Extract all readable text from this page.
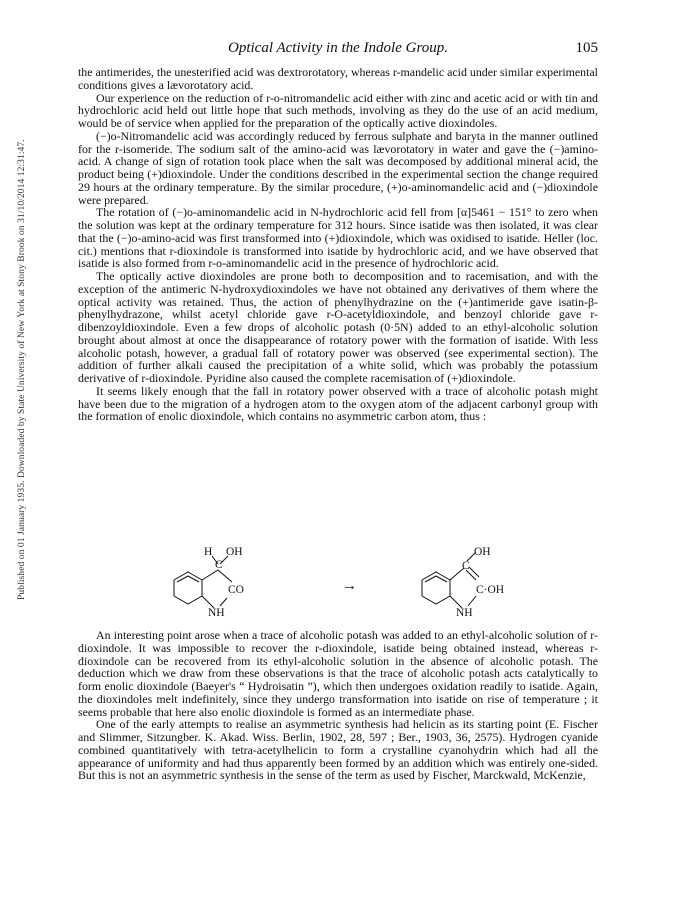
Published on 01 January 1935. Downloaded by State University of New York at Stony Brook on 31/10/2014 12:31:47.
Optical Activity in the Indole Group.	105

the antimerides, the unesterified acid was dextrorotatory, whereas r-mandelic acid under similar experimental conditions gives a lævorotatory acid.

Our experience on the reduction of r-o-nitromandelic acid either with zinc and acetic acid or with tin and hydrochloric acid held out little hope that such methods, involving as they do the use of an acid medium, would be of service when applied for the preparation of the optically active dioxindoles.

(−)o-Nitromandelic acid was accordingly reduced by ferrous sulphate and baryta in the manner outlined for the r-isomeride. The sodium salt of the amino-acid was lævorotatory in water and gave the (−)amino-acid. A change of sign of rotation took place when the salt was decomposed by additional mineral acid, the product being (+)dioxindole. Under the conditions described in the experimental section the change required 29 hours at the ordinary temperature. By the similar procedure, (+)o-aminomandelic acid and (−)dioxindole were prepared.

The rotation of (−)o-aminomandelic acid in N-hydrochloric acid fell from [α]5461 − 151° to zero when the solution was kept at the ordinary temperature for 312 hours. Since isatide was then isolated, it was clear that the (−)o-amino-acid was first transformed into (+)dioxindole, which was oxidised to isatide. Heller (loc. cit.) mentions that r-dioxindole is transformed into isatide by hydrochloric acid, and we have observed that isatide is also formed from r-o-aminomandelic acid in the presence of hydrochloric acid.

The optically active dioxindoles are prone both to decomposition and to racemisation, and with the exception of the antimeric N-hydroxydioxindoles we have not obtained any derivatives of them where the optical activity was retained. Thus, the action of phenylhydrazine on the (+)antimeride gave isatin-β-phenylhydrazone, whilst acetyl chloride gave r-O-acetyldioxindole, and benzoyl chloride gave r-dibenzoyldioxindole. Even a few drops of alcoholic potash (0·5N) added to an ethyl-alcoholic solution brought about almost at once the disappearance of rotatory power with the formation of isatide. With less alcoholic potash, however, a gradual fall of rotatory power was observed (see experimental section). The addition of further alkali caused the precipitation of a white solid, which was probably the potassium derivative of r-dioxindole. Pyridine also caused the complete racemisation of (+)dioxindole.

It seems likely enough that the fall in rotatory power observed with a trace of alcoholic potash might have been due to the migration of a hydrogen atom to the oxygen atom of the adjacent carbonyl group with the formation of enolic dioxindole, which contains no asymmetric carbon atom, thus :

H OH
C
CO
NH
→
OH
C
C·OH
NH

An interesting point arose when a trace of alcoholic potash was added to an ethyl-alcoholic solution of r-dioxindole. It was impossible to recover the r-dioxindole, isatide being obtained instead, whereas r-dioxindole can be recovered from its ethyl-alcoholic solution in the absence of alcoholic potash. The deduction which we draw from these observations is that the trace of alcoholic potash acts catalytically to form enolic dioxindole (Baeyer's “ Hydroisatin ”), which then undergoes oxidation readily to isatide. Again, the dioxindoles melt indefinitely, since they undergo transformation into isatide on rise of temperature ; it seems probable that here also enolic dioxindole is formed as an intermediate phase.

One of the early attempts to realise an asymmetric synthesis had helicin as its starting point (E. Fischer and Slimmer, Sitzungber. K. Akad. Wiss. Berlin, 1902, 28, 597 ; Ber., 1903, 36, 2575). Hydrogen cyanide combined quantitatively with tetra-acetylhelicin to form a crystalline cyanohydrin which had all the appearance of uniformity and had thus apparently been formed by an addition which was entirely one-sided. But this is not an asymmetric synthesis in the sense of the term as used by Fischer, Marckwald, McKenzie,
